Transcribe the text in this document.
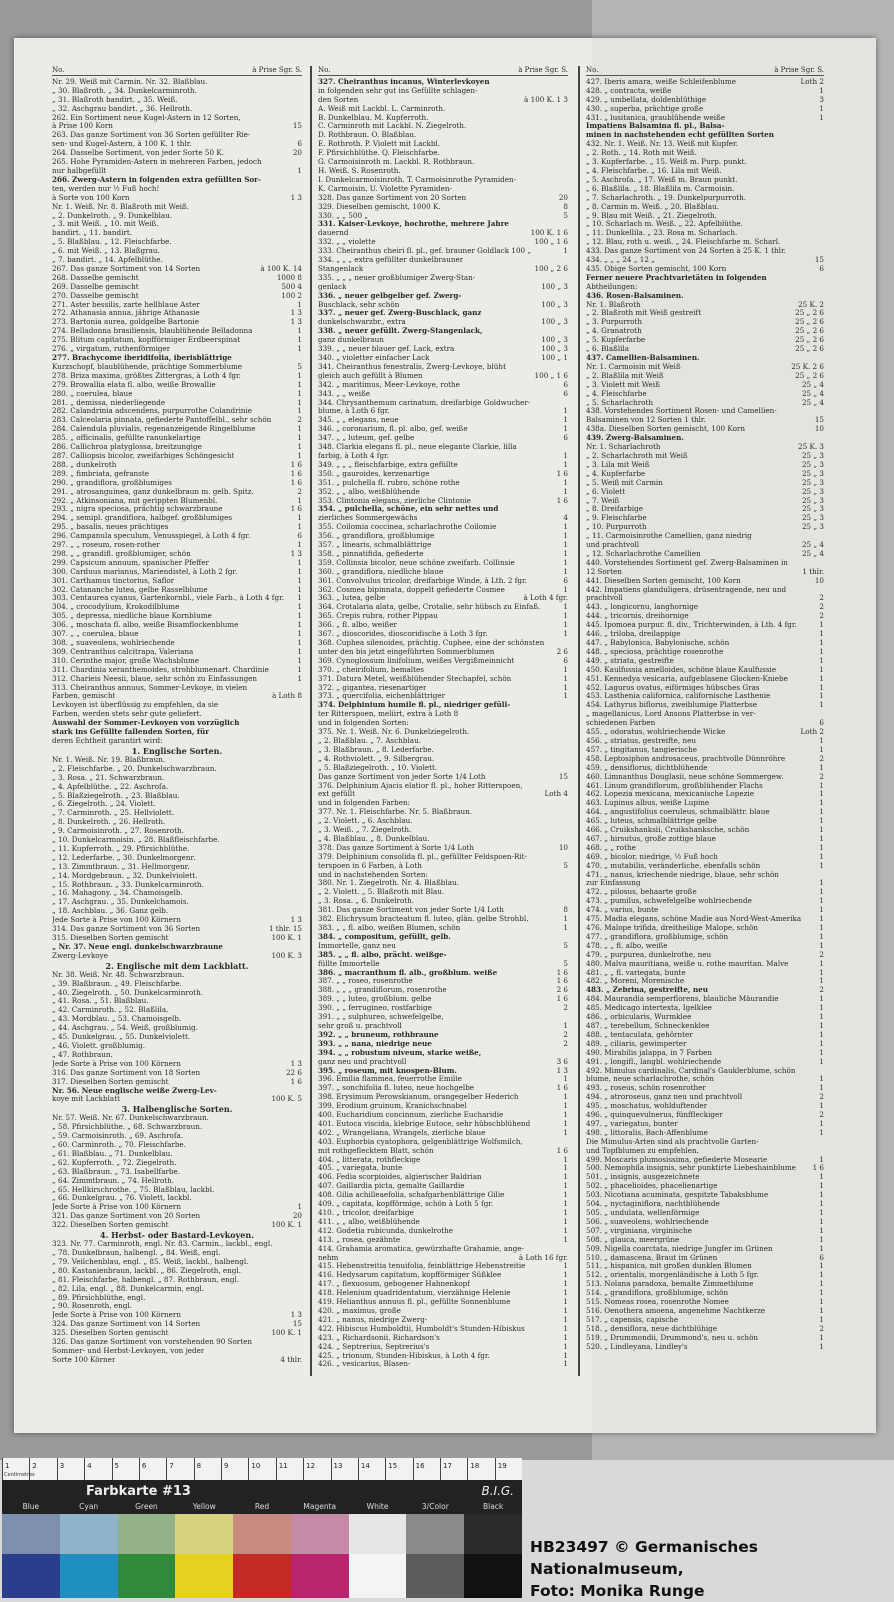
No.	à Prise Sgr. S.
Nr. 29. Weiß mit Carmin. Nr. 32. Blaßblau.
„ 30. Blaßroth. „ 34. Dunkelcarminroth.
„ 31. Blaßroth bandirt. „ 35. Weiß.
„ 32. Aschgrau bandirt. „ 36. Hellroth.
262. Ein Sortiment neue Kugel-Astern in 12 Sorten,
à Prise 100 Korn	15
263. Das ganze Sortiment von 36 Sorten gefüllter Rie-
sen- und Kugel-Astern, à 100 K. 1 thlr.	6
264. Dasselbe Sortiment, von jeder Sorte 50 K.	20
265. Hohe Pyramiden-Astern in mehreren Farben, jedoch
nur halbgefüllt	1
266. Zwerg-Astern in folgenden extra gefüllten Sor-
ten, werden nur ½ Fuß hoch!
à Sorte von 100 Korn	1 3
Nr. 1. Weiß. Nr. 8. Blaßroth mit Weiß.
„ 2. Dunkelroth. „ 9. Dunkelblau.
„ 3. mit Weiß. „ 10. mit Weiß.
bandirt. „ 11. bandirt.
„ 5. Blaßblau. „ 12. Fleischfarbe.
„ 6. mit Weiß. „ 13. Blaßgrau.
„ 7. bandirt. „ 14. Apfelblüthe.
267. Das ganze Sortiment von 14 Sorten	à 100 K. 14
268. Dasselbe gemischt	1000 8
269. Dasselbe gemischt	500 4
270. Dasselbe gemischt	100 2
271. Aster bessilis, zarte hellblaue Aster	1
272. Athanasia annua, jährige Athanasie	1 3
273. Bartonia aurea, goldgelbe Bartonie	1 3
274. Belladonna brasiliensis, blaublühende Belladonna	1
275. Blitum capitatum, kopfförmiger Erdbeerspinat	1
276. „ virgatum, ruthenförmiger	1
277. Brachycome iberidifolia, iberisblättrige
Kurzschopf, blaublühende, prächtige Sommerblume	5
278. Briza maxima, größtes Zittergras, à Loth 4 fgr.	1
279. Browallia elata fl. albo, weiße Browallie	1
280. „ coerulea, blaue	1
281. „ demissa, niederliegende	1
282. Calandrinia adscendens, purpurrothe Colandrinie	1
283. Calceolaria pinnata, gefiederte Pantoffelbl., sehr schön	2
284. Calendula pluvialis, regenanzeigende Ringelblume	1
285. „ officinalis, gefüllte ranunkelartige	1
286. Callichroa platyglossa, breitzungige	1
287. Calliopsis bicolor, zweifarbiges Schöngesicht	1
288. „ dunkelroth	1 6
289. „ fimbriata, gefranste	1 6
290. „ grandiflora, großblumiges	1 6
291. „ atrosanguinea, ganz dunkelbraun m. gelb. Spitz.	2
292. „ Atkinsoniana, mit gerippten Blumenbl.	1
293. „ nigra speciosa, prächtig schwarzbraune	1 6
294. „ semipl. grandiflora, halbgef. großblumiges	1
295. „ basalis, neues prächtiges	1
296. Campanula speculum, Venusspiegel, à Loth 4 fgr.	6
297. „ „ roseum, rosen-rother	1
298. „ „ grandifl. großblumiger, schön	1 3
299. Capsicum annuum, spanischer Pfeffer	1
300. Carduus marianus, Mariendistel, à Loth 2 fgr.	1
301. Carthamus tinctorius, Saflor	1
302. Catananche lutea, gelbe Rasselblume	1
303. Centaurea cyanus, Gartenkornbl., viele Farb., à Loth 4 fgr.	1
304. „ crocodylium, Krokodilblume	1
305. „ depressa, niedliche blaue Kornblume	1
306. „ moschata fl. albo, weiße Bisamflockenblume	1
307. „ „ coerulea, blaue	1
308. „ suaveolens, wohlriechende	1
309. Centranthus calcitrapa, Valeriana	1
310. Cerinthe major, große Wachsblume	1
311. Chardinia xeranthemoides, strohblumenart. Chardinie	1
312. Charieis Neesii, blaue, sehr schön zu Einfassungen	1
313. Cheiranthus annuus, Sommer-Levkoye, in vielen
Farben, gemischt	à Loth 8
Levkoyen ist überflüssig zu empfehlen, da sie
Farben, werden stets sehr gute geliefert.
Auswahl der Sommer-Levkoyen von vorzüglich
stark ins Gefüllte fallenden Sorten, für
deren Echtheit garantirt wird:
1. Englische Sorten.
Nr. 1. Weiß. Nr. 19. Blaßbraun.
„ 2. Fleischfarbe. „ 20. Dunkelschwarzbraun.
„ 3. Rosa. „ 21. Schwarzbraun.
„ 4. Apfelblüthe. „ 22. Aschroſa.
„ 5. Blaßziegelroth. „ 23. Blaßblau.
„ 6. Ziegelroth. „ 24. Violett.
„ 7. Carminroth. „ 25. Hellviolett.
„ 8. Dunkelroth. „ 26. Hellroth.
„ 9. Carmoisinroth. „ 27. Rosenroth.
„ 10. Dunkelcarmoisin. „ 28. Blaßfleischfarbe.
„ 11. Kupferroth. „ 29. Pfirsichblüthe.
„ 12. Lederfarbe. „ 30. Dunkelmorgenr.
„ 13. Zimmtbraun. „ 31. Hellmorgenr.
„ 14. Mordgebraun. „ 32. Dunkelviolett.
„ 15. Rothbraun. „ 33. Dunkelcarminroth.
„ 16. Mahagony. „ 34. Chamoisgelb.
„ 17. Aschgrau. „ 35. Dunkelchamois.
„ 18. Aschblau. „ 36. Ganz gelb.
Jede Sorte à Prise von 100 Körnern	1 3
314. Das ganze Sortiment von 36 Sorten	1 thlr. 15
315. Dieselben Sorten gemischt	100 K. 1
„ Nr. 37. Neue engl. dunkelschwarzbraune
Zwerg-Levkoye	100 K. 3
2. Englische mit dem Lackblatt.
Nr. 38. Weiß. Nr. 48. Schwarzbraun.
„ 39. Blaßbraun. „ 49. Fleischfarbe.
„ 40. Ziegelroth. „ 50. Dunkelcarminroth.
„ 41. Rosa. „ 51. Blaßblau.
„ 42. Carminroth. „ 52. Blaßlila.
„ 43. Mordblau. „ 53. Chamoisgelb.
„ 44. Aschgrau. „ 54. Weiß, großblumig.
„ 45. Dunkelgrau. „ 55. Dunkelviolett.
„ 46. Violett. großblumig.
„ 47. Rothbraun.
Jede Sorte à Prise von 100 Körnern	1 3
316. Das ganze Sortiment von 18 Sorten	22 6
317. Dieselben Sorten gemischt	1 6
Nr. 56. Neue englische weiße Zwerg-Lev-
koye mit Lackblatt	100 K. 5
3. Halbenglische Sorten.
Nr. 57. Weiß. Nr. 67. Dunkelschwarzbraun.
„ 58. Pfirsichblüthe. „ 68. Schwarzbraun.
„ 59. Carmoisinroth. „ 69. Aschroſa.
„ 60. Carminroth. „ 70. Fleischfarbe.
„ 61. Blaßblau. „ 71. Dunkelblau.
„ 62. Kupferroth. „ 72. Ziegelroth.
„ 63. Blaßbraun. „ 73. Isabellfarbe.
„ 64. Zimmtbraun. „ 74. Hellroth.
„ 65. Hellkirschrothe. „ 75. Blaßblau, lackbl.
„ 66. Dunkelgrau. „ 76. Violett, lackbl.
Jede Sorte à Prise von 100 Körnern	1
321. Das ganze Sortiment von 20 Sorten	20
322. Dieselben Sorten gemischt	100 K. 1
4. Herbst- oder Bastard-Levkoyen.
323. Nr. 77. Carminroth, engl. Nr. 83. Carmin., lackbl., engl.
„ 78. Dunkelbraun, halbengl. „ 84. Weiß, engl.
„ 79. Veilchenblau, engl. „ 85. Weiß, lackbl., halbengl.
„ 80. Kastanienbraun, lackbl. „ 86. Ziegelroth, engl.
„ 81. Fleischfarbe, halbengl. „ 87. Rothbraun, engl.
„ 82. Lila, engl. „ 88. Dunkelcarmin, engl.
„ 89. Pfirsichblüthe, engl.
„ 90. Rosenroth, engl.
Jede Sorte à Prise von 100 Körnern	1 3
324. Das ganze Sortiment von 14 Sorten	15
325. Dieselben Sorten gemischt	100 K. 1
326. Das ganze Sortiment von vorstehenden 90 Sorten
Sommer- und Herbst-Levkoyen, von jeder
Sorte 100 Körner	4 thlr.
No.	à Prise Sgr. S.
327. Cheiranthus incanus, Winterlevkoyen
in folgenden sehr gut ins Gefüllte schlagen-
den Sorten	à 100 K. 1 3
A. Weiß mit Lackbl. L. Carminroth.
B. Dunkelblau. M. Kupferroth.
C. Carminroth mit Lackbl. N. Ziegelroth.
D. Rothbraun. O. Blaßblau.
E. Rothroth. P. Violett mit Lackbl.
F. Pfirsichblüthe. Q. Fleischfarbe.
G. Carmoisinroth m. Lackbl. R. Rothbraun.
H. Weiß. S. Rosenroth.
I. Dunkelcarmoisinroth. T. Carmoisinrothe Pyramiden-
K. Carmoisin. U. Violette Pyramiden-
328. Das ganze Sortiment von 20 Sorten	20
329. Dieselben gemischt, 1000 K.	8
330. „ „ 500 „	5
331. Kaiser-Levkoye, hochrothe, mehrere Jahre
dauernd	100 K. 1 6
332. „ „ violette	100 „ 1 6
333. Cheiranthus cheiri fl. pl., gef. brauner Goldlack 100 „	1
334. „ „ „ extra gefüllter dunkelbrauner
Stangenlack	100 „ 2 6
335. „ „ „ neuer großblumiger Zwerg-Stan-
genlack	100 „ 3
336. „ neuer gelbgelber gef. Zwerg-
Buschlack, sehr schön	100 „ 3
337. „ neuer gef. Zwerg-Buschlack, ganz
dunkelschwarzbr., extra	100 „ 3
338. „ neuer gefüllt. Zwerg-Stangenlack,
ganz dunkelbraun	100 „ 3
339. „ „ neuer blauer gef. Lack, extra	100 „ 3
340. „ violetter einfacher Lack	100 „ 1
341. Cheiranthus fenestralis, Zwerg-Levkoye, blüht
gleich auch gefüllt à Blumen	100 „ 1 6
342. „ maritimus, Meer-Levkoye, rothe	6
343. „ „ weiße	6
344. Chrysanthemum carinatum, dreifarbige Goldwucher-
blume, à Loth 6 fgr.	1
345. „ „ elegans, neue	1
346. „ coronarium, fl. pl. albo, gef. weiße	1
347. „ „ luteum, gef. gelbe	6
348. Clarkia elegans fl. pl., neue elegante Clarkie, lilla
farbig, à Loth 4 fgr.	1
349. „ „ „ fleischfarbige, extra gefüllte	1
350. „ gauroides, kerzenartige	1 6
351. „ pulchella fl. rubro, schöne rothe	1
352. „ „ albo, weißblühende	1
353. Clintonia elegans, zierliche Clintonie	1 6
354. „ pulchella, schöne, ein sehr nettes und
zierliches Sommergewächs	4
355. Coilomia coccinea, scharlachrothe Coilomie	1
356. „ grandiflora, großblumige	1
357. „ linearis, schmalblättrige	1
358. „ pinnatifida, gefiederte	1
359. Collinsia bicolor, neue schöne zweifarb. Collinsie	1
360. „ grandiflora, niedliche blaue	1
361. Convolvulus tricolor, dreifarbige Winde, à Lth. 2 fgr.	6
362. Cosmea bipinnata, doppelt gefiederte Cosmee	1
363. „ lutea, gelbe	à Loth 4 fgr.
364. Crotalaria alata, gelbe, Crotalie, sehr hübsch zu Einfaß.	1
365. Crepis rubra, rother Pippau	1
366. „ fl. albo, weißer	1
367. „ dioscorides, dioscoridische à Loth 3 fgr.	1
368. Cuphea silenoides, prächtig. Cuphee, eine der schönsten
unter den bis jetzt eingeführten Sommerblumen	2 6
369. Cynoglossum linifolium, weißes Vergißmeinnicht	6
370. „ cheirifolium, bemaltes	1
371. Datura Metel, weißblühender Stechapfel, schön	1
372. „ gigantea, riesenartiger	1
373. „ quercifolia, eichenblättriger	1
374. Delphinium humile fl. pl., niedriger gefüll-
ter Ritterspoen, meliirt, extra à Loth 8
und in folgenden Sorten:
375. Nr. 1. Weiß. Nr. 6. Dunkelziegelroth.
„ 2. Blaßblau. „ 7. Aschblau.
„ 3. Blaßbraun. „ 8. Lederfarbe.
„ 4. Rothviolett. „ 9. Silbergrau.
„ 5. Blaßziegelroth. „ 10. Violett.
Das ganze Sortiment von jeder Sorte 1/4 Loth	15
376. Delphinium Ajacis elatior fl. pl., hoher Ritterspoen,
ext gefüllt	Loth 4
und in folgenden Farben:
377. Nr. 1. Fleischfarbe. Nr. 5. Blaßbraun.
„ 2. Violett. „ 6. Aschblau.
„ 3. Weiß. „ 7. Ziegelroth.
„ 4. Blaßblau. „ 8. Dunkelblau.
378. Das ganze Sortiment à Sorte 1/4 Loth	10
379. Delphinium consolida fl. pl., gefüllter Feldspoen-Rit-
terspoen in 6 Farben, à Loth	5
und in nachstehenden Sorten:
380. Nr. 1. Ziegelroth. Nr. 4. Blaßblau.
„ 2. Violett. „ 5. Blaßroth mit Blau.
„ 3. Rosa. „ 6. Dunkelroth.
381. Das ganze Sortiment von jeder Sorte 1/4 Loth	8
382. Elichrysum bracteatum fl. luteo, glän. gelbe Strohbl.	1
383. „ „ fl. albo, weißen Blumen, schön	1
384. „ compositum, gefüllt, gelb.
Immortelle, ganz neu	5
385. „ „ fl. albo, prächt. weißge-
füllte Immortelle	5
386. „ macranthum fl. alb., großblum. weiße	1 6
387. „ „ roseo, rosenrothe	1 6
388. „ „ „ grandiflorum, rosenrothe	2 6
389. „ „ luteo, großblum. gelbe	1 6
390. „ „ ferrugineo, rostfarbige	2
391. „ „ sulphureo, schwefelgelbe,
sehr groß u. prachtvoll	1
392. „ „ bruneum, rothbraune	2
393. „ „ nana, niedrige neue	2
394. „ „ robustum niveum, starke weiße,
ganz neu und prachtvoll	3 6
395. „ roseum, mit knospen-Blum.	1 3
396. Emilia flammea, feuerrothe Emilie	1
397. „ sonchifolia fl. luteo, neue hochgelbe	1 6
398. Erysimum Perowskianum, orangegelber Hederich	1
399. Erodium gruinum, Kranichschnabel	1
400. Eucharidium concinnum, zierliche Eucharidie	1
401. Eutoca viscida, klebrige Eutoce, sehr hübschblühend	1
402. „ Wrangeliana, Wrangels, zierliche blaue	1
403. Euphorbia cyatophora, gelgenblättrige Wolfsmilch,
mit rothgeflecktem Blatt, schön	1 6
404. „ litterata, rothfleckige	1
405. „ variegata, bunte	1
406. Fedia scorpioides, algierischer Baldrian	1
407. Gaillardia picta, gemalte Gaillardie	1
408. Gilia achilleaefolia, schafgarbenblättrige Gilie	1
409. „ capitata, kopfförmige, schön à Loth 5 fgr.	1
410. „ tricolor, dreifarbige	1
411. „ „ albo, weißblühende	1
412. Godetia rubicunda, dunkelrothe	1
413. „ rosea, gezähnte	1
414. Grahamia aromatica, gewürzhafte Grahamie, ange-
nehm	à Loth 16 fgr.
415. Hebenstreitia tenuifolia, feinblättrige Hebenstreitie	1
416. Hedysarum capitatum, kopfförmiger Süßklee	1
417. „ flexuosum, gebogener Hahnenkopf	1
418. Helenium quadridentatum, vierzähnige Helenie	1
419. Helianthus annuus fl. pl., gefüllte Sonnenblume	1
420. „ maximus, große	1
421. „ nanus, niedrige Zwerg-	1
422. Hibiscus Humboldtii, Humboldt's Stunden-Hibiskus	1
423. „ Richardsonii, Richardson's	1
424. „ Septrerius, Septrerius's	1
425. „ trionum, Stunden-Hibiskus, à Loth 4 fgr.	1
426. „ vesicarius, Blasen-	1
No.	à Prise Sgr. S.
427. Iberis amara, weiße Schleifenblume	Loth 2
428. „ contracta, weiße	1
429. „ umbellata, doldenblüthige	3
430. „ superba, prächtige große	1
431. „ lusitanica, graublühende weiße	1
Impatiens Balsamina fl. pl., Balsa-
minen in nachstehenden echt gefüllten Sorten
432. Nr. 1. Weiß. Nr. 13. Weiß mit Kupfer.
„ 2. Roth. „ 14. Roth mit Weiß.
„ 3. Kupferfarbe. „ 15. Weiß m. Purp. punkt.
„ 4. Fleischfarbe. „ 16. Lila mit Weiß.
„ 5. Aschroſa. „ 17. Weiß m. Braun punkt.
„ 6. Blaßlila. „ 18. Blaßlila m. Carmoisin.
„ 7. Scharlachroth. „ 19. Dunkelpurpurroth.
„ 8. Carmin m. Weiß. „ 20. Blaßblau.
„ 9. Blau mit Weiß. „ 21. Ziegelroth.
„ 10. Scharlach m. Weiß. „ 22. Apfelblüthe.
„ 11. Dunkellila. „ 23. Rosa m. Scharlach.
„ 12. Blau, roth u. weiß. „ 24. Fleischfarbe m. Scharl.
433. Das ganze Sortiment von 24 Sorten à 25 K. 1 thlr.
434. „ „ „ 24 „ 12 „	15
435. Obige Sorten gemischt, 100 Korn	6
Ferner neuere Prachtvarietäten in folgenden
Abtheilungen:
436. Rosen-Balsaminen.
Nr. 1. Blaßroth	25 K. 2
„ 2. Blaßroth mit Weiß gestreift	25 „ 2 6
„ 3. Purpurroth	25 „ 2 6
„ 4. Granatroth	25 „ 2 6
„ 5. Kupferfarbe	25 „ 2 6
„ 6. Blaßlila	25 „ 2 6
437. Camellien-Balsaminen.
Nr. 1. Carmoisin mit Weiß	25 K. 2 6
„ 2. Blaßlila mit Weiß	25 „ 2 6
„ 3. Violett mit Weiß	25 „ 4
„ 4. Fleischfarbe	25 „ 4
„ 5. Scharlachroth	25 „ 4
438. Vorstehendes Sortiment Rosen- und Camellien-
Balsaminen von 12 Sorten 1 thlr.	15
438a. Dieselben Sorten gemischt, 100 Korn	10
439. Zwerg-Balsaminen.
Nr. 1. Scharlachroth	25 K. 3
„ 2. Scharlachroth mit Weiß	25 „ 3
„ 3. Lila mit Weiß	25 „ 3
„ 4. Kupferfarbe	25 „ 3
„ 5. Weiß mit Carmin	25 „ 3
„ 6. Violett	25 „ 3
„ 7. Weiß	25 „ 3
„ 8. Dreifarbige	25 „ 3
„ 9. Fleischfarbe	25 „ 3
„ 10. Purpurroth	25 „ 3
„ 11. Carmoisinrothe Camellien, ganz niedrig
und prachtvoll	25 „ 4
„ 12. Scharlachrothe Camellien	25 „ 4
440. Vorstehendes Sortiment gef. Zwerg-Balsaminen in
12 Sorten	1 thlr.
441. Dieselben Sorten gemischt, 100 Korn	10
442. Impatiens glanduligera, drüsentragende, neu und
prachtvoll	2
443. „ longicornu, langhornige	2
444. „ tricornis, dreihornige	2
445. Ipomoea purpur. fl. div., Trichterwinden, à Lth. 4 fgr.	1
446. „ triloba, dreilappige	1
447. „ Babylonica, Babylonische, schön	1
448. „ speciosa, prächtige rosenrothe	1
449. „ striata, gestreifte	1
450. Kaulfussia amelloides, schöne blaue Kaulfussie	1
451. Kennedya vesicaria, aufgeblasene Glocken-Kniebe	1
452. Lagurus ovatus, eiförmiges hübsches Gras	1
453. Lasthenia californica, californische Lasthenie	1
454. Lathyrus biflorus, zweiblumige Platterbse	1
„ magellanicus, Lord Ansons Platterbse in ver-
schiedenen Farben	6
455. „ odoratus, wohlriechende Wicke	Loth 2
456. „ striatus, gestreifte, neu	1
457. „ tingitanus, tangierische	1
458. Leptosiphon androsaceus, prachtvolle Dünnröhre	2
459. „ densiflorus, dichtblühende	1
460. Limnanthus Douglasii, neue schöne Sommergew.	2
461. Linum grandiflorum, großblühender Flachs	1
462. Lopezia mexicana, mexicanische Lopezie	1
463. Lupinus albus, weiße Lupine	1
464. „ angustifolius coeruleus, schmalblättr. blaue	1
465. „ luteus, schmalblättrige gelbe	1
466. „ Cruikshanksii, Cruikshanksche, schön	1
467. „ hirsutus, große zottige blaue	1
468. „ „ rothe	1
469. „ bicolor, niedrige, ½ Fuß hoch	1
470. „ mutabilis, veränderliche, ebenfalls schön	1
471. „ nanus, kriechende niedrige, blaue, sehr schön
zur Einfassung	1
472. „ pilosus, behaarte große	1
473. „ pumilus, schwefelgelbe wohlriechende	1
474. „ varius, bunte	1
475. Madia elegans, schöne Madie aus Nord-West-Amerika	1
476. Malope trifida, dreitheilige Malope, schön	1
477. „ grandiflora, großblumige, schön	1
478. „ „ fl. albo, weiße	1
479. „ purpurea, dunkelrothe, neu	2
480. Malva mauritiana, weiße u. rothe mauritan. Malve	1
481. „ „ fl. variegata, bunte	1
482. „ Moreni, Morenische	1
483. „ Zebrina, gestreifte, neu	2
484. Maurandia semperflorens, blauliche Mäurandie	1
485. Medicago intertexta, Igelklee	1
486. „ orbicularis, Wurmklee	1
487. „ terebellum, Schneckenklee	1
488. „ tentaculata, gehörnter	1
489. „ ciliaris, gewimperter	1
490. Mirabilis jalappa, in 7 Farben	1
491. „ longifl., langbl. wohlriechende	1
492. Mimulus cardinalis, Cardinal's Gauklerblume, schön
blume, neue scharlachrothe, schön	1
493. „ roseus, schön rosenrother	1
494. „ atroroseus, ganz neu und prachtvoll	2
495. „ moschatus, wohlduftender	1
496. „ quinquevulnerus, fünffleckiger	2
497. „ variegatus, bunter	1
498. „ littoralis, Bach-Affenblume	1
Die Mimulus-Arten sind als prachtvolle Garten-
und Topfblumen zu empfehlen.
499. Moscaris plumosissima, gefiederte Mosearie	1
500. Nemophila insignis, sehr punktirte Liebeshainblume	1 6
501. „ insignis, ausgezeichnete	1
502. „ phacelioides, phacelienartige	1
503. Nicotiana acuminata, gespitzte Tabaksblume	1
504. „ nyctaginiflora, nachtblühende	1
505. „ undulata, wellenförmige	1
506. „ suaveolens, wohlriechende	1
507. „ virginiana, virginische	1
508. „ glauca, meergrüne	1
509. Nigella coarctata, niedrige Jungfer im Grünen	1
510. „ damascena, Braut im Grünen	6
511. „ hispanica, mit großen dunklen Blumen	1
512. „ orientalis, morgenländische à Loth 5 fgr.	1
513. Nolana paradoxa, bemalte Zimmetblume	1
514. „ grandiflora, großblumige, schön	1
515. Nomeas rosea, rosenrothe Nomee	1
516. Oenothera amoena, angenehme Nachtkerze	1
517. „ capensis, capische	1
518. „ densiflora, neue dichtblühige	2
519. „ Drummondii, Drummond's, neu u. schön	1
520. „ Lindleyana, Lindley's	1
1	2	3	4	5	6	7	8	9	10	11	12	13	14	15	16	17	18	19
Centimetres
Farbkarte #13	B.I.G.
Blue	Cyan	Green	Yellow	Red	Magenta	White	3/Color	Black
HB23497 © Germanisches Nationalmuseum,
Foto: Monika Runge
